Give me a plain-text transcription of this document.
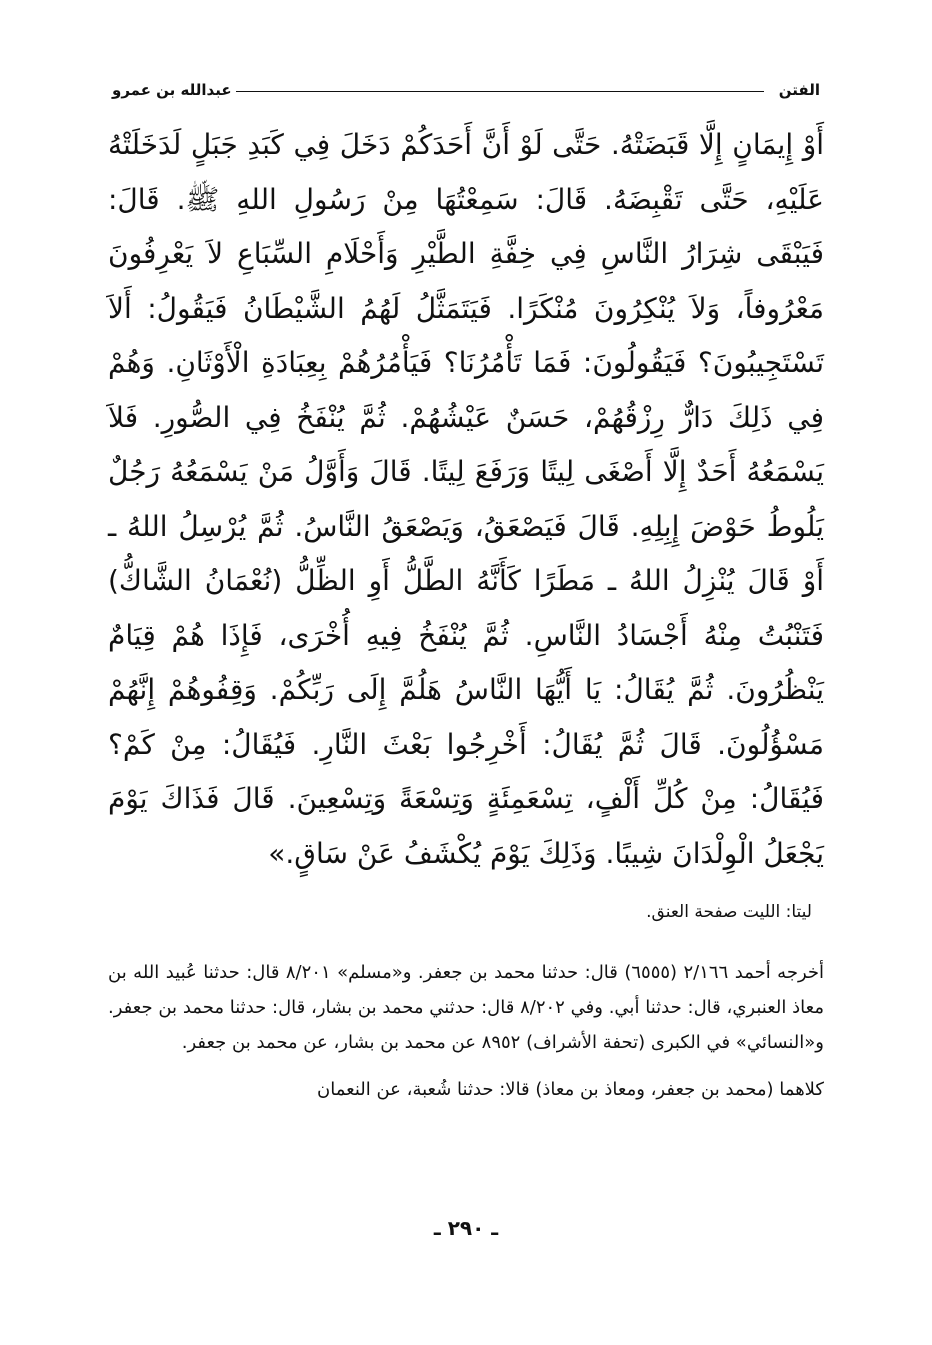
الفتن
عبدالله بن عمرو

أَوْ إِيمَانٍ إِلَّا قَبَضَتْهُ. حَتَّى لَوْ أَنَّ أَحَدَكُمْ دَخَلَ فِي كَبَدِ جَبَلٍ لَدَخَلَتْهُ عَلَيْهِ، حَتَّى تَقْبِضَهُ. قَالَ: سَمِعْتُهَا مِنْ رَسُولِ اللهِ ﷺ. قَالَ: فَيَبْقَى شِرَارُ النَّاسِ فِي خِفَّةِ الطَّيْرِ وَأَحْلَامِ السِّبَاعِ لاَ يَعْرِفُونَ مَعْرُوفاً، وَلاَ يُنْكِرُونَ مُنْكَرًا. فَيَتَمَثَّلُ لَهُمُ الشَّيْطَانُ فَيَقُولُ: أَلاَ تَسْتَجِيبُونَ؟ فَيَقُولُونَ: فَمَا تَأْمُرُنَا؟ فَيَأْمُرُهُمْ بِعِبَادَةِ الْأَوْثَانِ. وَهُمْ فِي ذَلِكَ دَارٌّ رِزْقُهُمْ، حَسَنٌ عَيْشُهُمْ. ثُمَّ يُنْفَخُ فِي الصُّورِ. فَلاَ يَسْمَعُهُ أَحَدٌ إِلَّا أَصْغَى لِيتًا وَرَفَعَ لِيتًا. قَالَ وَأَوَّلُ مَنْ يَسْمَعُهُ رَجُلٌ يَلُوطُ حَوْضَ إِبِلِهِ. قَالَ فَيَصْعَقُ، وَيَصْعَقُ النَّاسُ. ثُمَّ يُرْسِلُ اللهُ ـ أَوْ قَالَ يُنْزِلُ اللهُ ـ مَطَرًا كَأَنَّهُ الطَّلُّ أَوِ الظِّلُّ (نُعْمَانُ الشَّاكُّ) فَتَنْبُتُ مِنْهُ أَجْسَادُ النَّاسِ. ثُمَّ يُنْفَخُ فِيهِ أُخْرَى، فَإِذَا هُمْ قِيَامٌ يَنْظُرُونَ. ثُمَّ يُقَالُ: يَا أَيُّهَا النَّاسُ هَلُمَّ إِلَى رَبِّكُمْ. وَقِفُوهُمْ إِنَّهُمْ مَسْؤُلُونَ. قَالَ ثُمَّ يُقَالُ: أَخْرِجُوا بَعْثَ النَّارِ. فَيُقَالُ: مِنْ كَمْ؟ فَيُقَالُ: مِنْ كُلِّ أَلْفٍ، تِسْعَمِئَةٍ وَتِسْعَةً وَتِسْعِينَ. قَالَ فَذَاكَ يَوْمَ يَجْعَلُ الْوِلْدَانَ شِيبًا. وَذَلِكَ يَوْمَ يُكْشَفُ عَنْ سَاقٍ.»

ليتا: الليت صفحة العنق.

أخرجه أحمد ٢/١٦٦ (٦٥٥٥) قال: حدثنا محمد بن جعفر. و«مسلم» ٨/٢٠١ قال: حدثنا عُبيد الله بن معاذ العنبري، قال: حدثنا أبي. وفي ٨/٢٠٢ قال: حدثني محمد بن بشار، قال: حدثنا محمد بن جعفر. و«النسائي» في الكبرى (تحفة الأشراف) ٨٩٥٢ عن محمد بن بشار، عن محمد بن جعفر.

كلاهما (محمد بن جعفر، ومعاذ بن معاذ) قالا: حدثنا شُعبة، عن النعمان

ـ ٢٩٠ ـ
